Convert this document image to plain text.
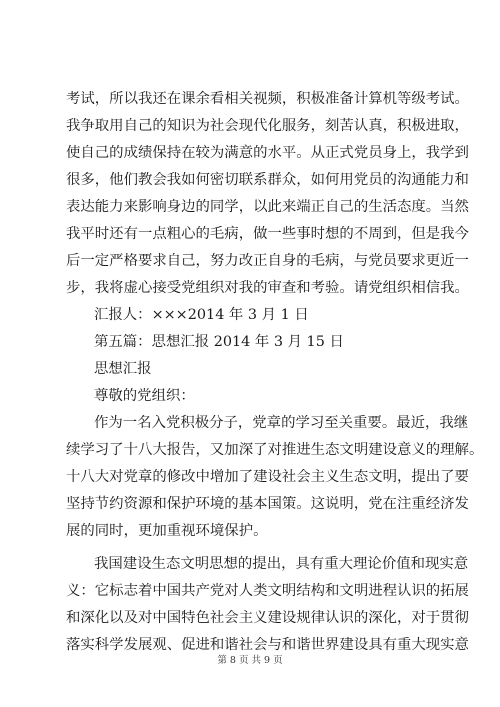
考试，所以我还在课余看相关视频，积极准备计算机等级考试。
我争取用自己的知识为社会现代化服务，刻苦认真，积极进取，
使自己的成绩保持在较为满意的水平。从正式党员身上，我学到
很多，他们教会我如何密切联系群众，如何用党员的沟通能力和
表达能力来影响身边的同学，以此来端正自己的生活态度。当然
我平时还有一点粗心的毛病，做一些事时想的不周到，但是我今
后一定严格要求自己，努力改正自身的毛病，与党员要求更近一
步，我将虚心接受党组织对我的审查和考验。请党组织相信我。
汇报人：×××2014 年 3 月 1 日
第五篇：思想汇报 2014 年 3 月 15 日
思想汇报
尊敬的党组织：
作为一名入党积极分子，党章的学习至关重要。最近，我继
续学习了十八大报告，又加深了对推进生态文明建设意义的理解。
十八大对党章的修改中增加了建设社会主义生态文明，提出了要
坚持节约资源和保护环境的基本国策。这说明，党在注重经济发
展的同时，更加重视环境保护。
我国建设生态文明思想的提出，具有重大理论价值和现实意
义：它标志着中国共产党对人类文明结构和文明进程认识的拓展
和深化以及对中国特色社会主义建设规律认识的深化，对于贯彻
落实科学发展观、促进和谐社会与和谐世界建设具有重大现实意
第 8 页 共 9 页
